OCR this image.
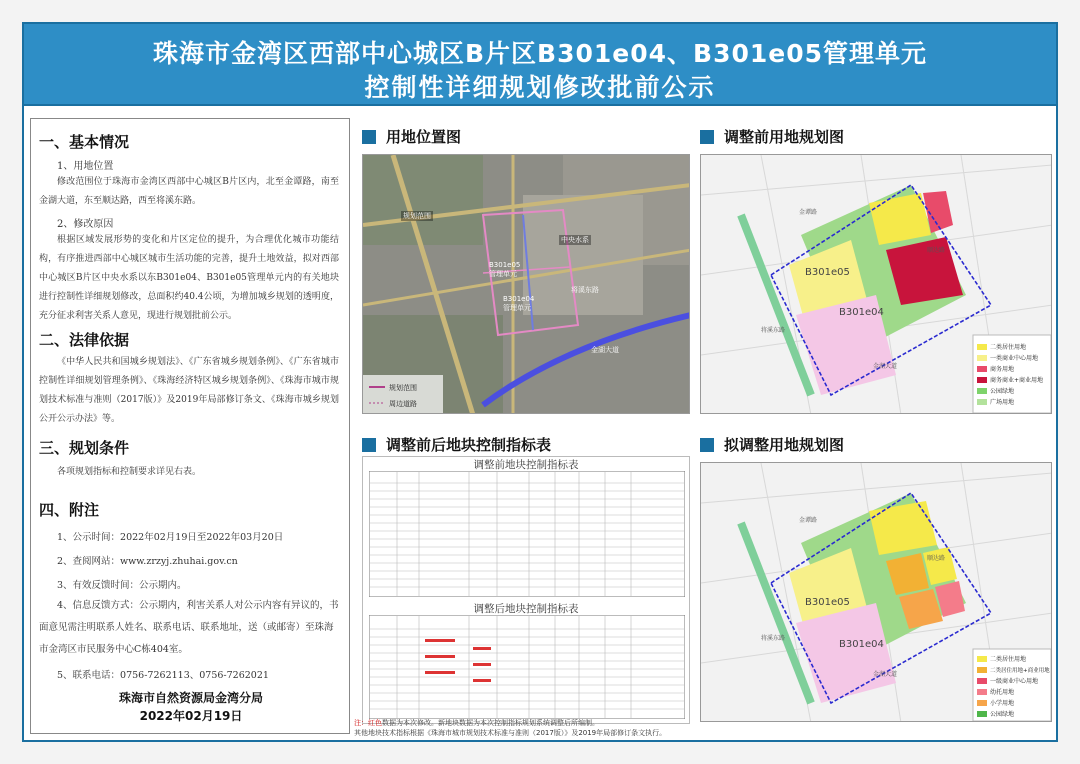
珠海市金湾区西部中心城区B片区B301e04、B301e05管理单元
控制性详细规划修改批前公示
一、基本情况
1、用地位置
修改范围位于珠海市金湾区西部中心城区B片区内，北至金谭路，南至金湖大道，东至顺达路，西至将溪东路。
2、修改原因
根据区域发展形势的变化和片区定位的提升，为合理优化城市功能结构，有序推进西部中心城区城市生活功能的完善，提升土地效益，拟对西部中心城区B片区中央水系以东B301e04、B301e05管理单元内的有关地块进行控制性详细规划修改，总面积约40.4公顷，为增加城乡规划的透明度，充分征求利害关系人意见，现进行规划批前公示。
二、法律依据
《中华人民共和国城乡规划法》、《广东省城乡规划条例》、《广东省城市控制性详细规划管理条例》、《珠海经济特区城乡规划条例》、《珠海市城市规划技术标准与准则（2017版）》及2019年局部修订条文、《珠海市城乡规划公开公示办法》等。
三、规划条件
各项规划指标和控制要求详见右表。
四、附注
1、公示时间：2022年02月19日至2022年03月20日
2、查阅网站：www.zrzyj.zhuhai.gov.cn
3、有效反馈时间：公示期内。
4、信息反馈方式：公示期内，利害关系人对公示内容有异议的，书面意见需注明联系人姓名、联系电话、联系地址，送（或邮寄）至珠海市金湾区市民服务中心C栋404室。
5、联系电话：0756-7262113、0756-7262021
珠海市自然资源局金湾分局
2022年02月19日
用地位置图
规划范围
中央水系
B301e05
管理单元
B301e04
管理单元
金湖大道
将溪东路
规划范围
周边道路
调整前用地规划图
B301e05
B301e04
金谭路
顺达路
将溪东路
金湖大道
二类居住用地
一类商业中心用地
商务用地
商务商业+商业用地
公园绿地
广场用地
调整前后地块控制指标表
调整前地块控制指标表
调整后地块控制指标表
注：红色数据为本次修改。新地块数据为本次控制指标规划系统调整后所编制。
其他地块技术指标根据《珠海市城市规划技术标准与准则（2017版）》及2019年局部修订条文执行。
拟调整用地规划图
B301e05
B301e04
金谭路
顺达路
将溪东路
金湖大道
二类居住用地
二类居住用地+商业用地
一级商业中心用地
幼托用地
小学用地
公园绿地
